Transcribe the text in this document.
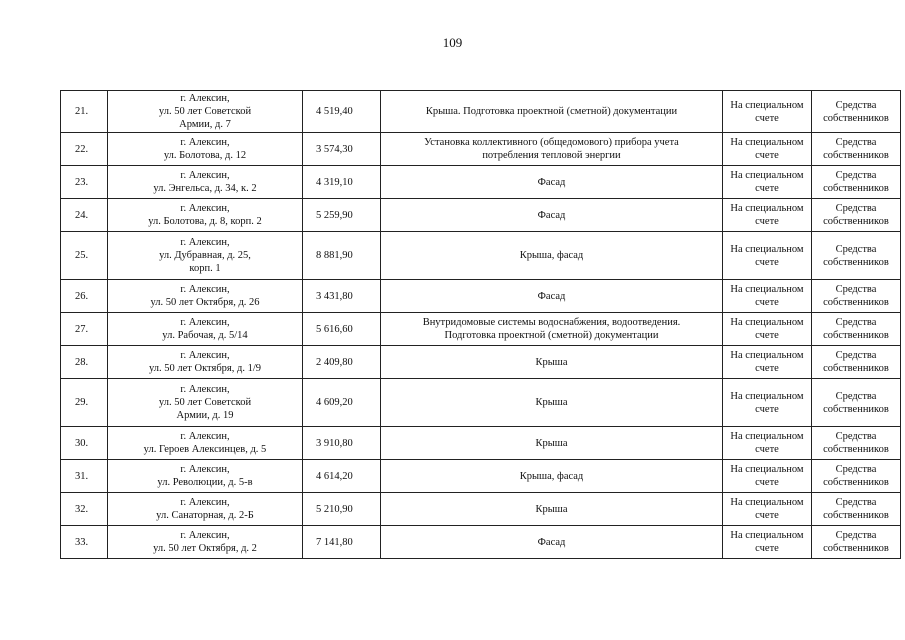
109
21.	г. Алексин,
ул. 50 лет Советской
Армии, д. 7	4 519,40	Крыша. Подготовка проектной (сметной) документации	На специальном
счете	Средства
собственников

22.	г. Алексин,
ул. Болотова, д. 12	3 574,30	Установка коллективного (общедомового) прибора учета
потребления тепловой энергии	На специальном
счете	Средства
собственников

23.	г. Алексин,
ул. Энгельса, д. 34, к. 2	4 319,10	Фасад	На специальном
счете	Средства
собственников

24.	г. Алексин,
ул. Болотова, д. 8, корп. 2	5 259,90	Фасад	На специальном
счете	Средства
собственников

25.	г. Алексин,
ул. Дубравная, д. 25,
корп. 1	8 881,90	Крыша, фасад	На специальном
счете	Средства
собственников

26.	г. Алексин,
ул. 50 лет Октября, д. 26	3 431,80	Фасад	На специальном
счете	Средства
собственников

27.	г. Алексин,
ул. Рабочая, д. 5/14	5 616,60	Внутридомовые системы водоснабжения, водоотведения.
Подготовка проектной (сметной) документации	На специальном
счете	Средства
собственников

28.	г. Алексин,
ул. 50 лет Октября, д. 1/9	2 409,80	Крыша	На специальном
счете	Средства
собственников

29.	г. Алексин,
ул. 50 лет Советской
Армии, д. 19	4 609,20	Крыша	На специальном
счете	Средства
собственников

30.	г. Алексин,
ул. Героев Алексинцев, д. 5	3 910,80	Крыша	На специальном
счете	Средства
собственников

31.	г. Алексин,
ул. Революции, д. 5-в	4 614,20	Крыша, фасад	На специальном
счете	Средства
собственников

32.	г. Алексин,
ул. Санаторная, д. 2-Б	5 210,90	Крыша	На специальном
счете	Средства
собственников

33.	г. Алексин,
ул. 50 лет Октября, д. 2	7 141,80	Фасад	На специальном
счете	Средства
собственников
